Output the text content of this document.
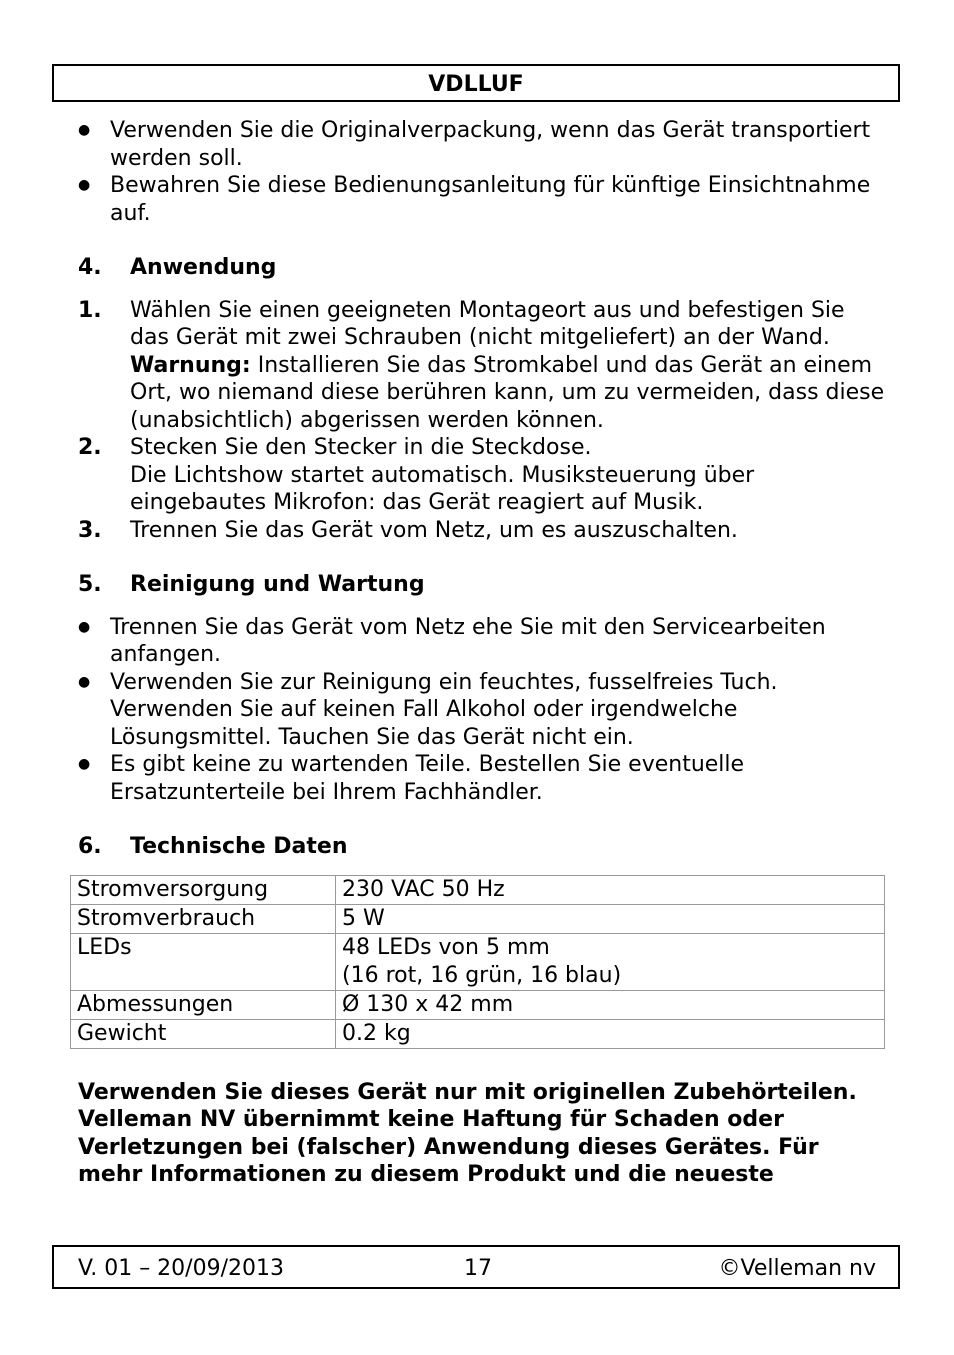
VDLLUF
● Verwenden Sie die Originalverpackung, wenn das Gerät transportiert werden soll.
● Bewahren Sie diese Bedienungsanleitung für künftige Einsichtnahme auf.
4.	Anwendung
1.	Wählen Sie einen geeigneten Montageort aus und befestigen Sie das Gerät mit zwei Schrauben (nicht mitgeliefert) an der Wand.
Warnung: Installieren Sie das Stromkabel und das Gerät an einem Ort, wo niemand diese berühren kann, um zu vermeiden, dass diese (unabsichtlich) abgerissen werden können.
2.	Stecken Sie den Stecker in die Steckdose.
Die Lichtshow startet automatisch. Musiksteuerung über eingebautes Mikrofon: das Gerät reagiert auf Musik.
3.	Trennen Sie das Gerät vom Netz, um es auszuschalten.
5.	Reinigung und Wartung
● Trennen Sie das Gerät vom Netz ehe Sie mit den Servicearbeiten anfangen.
● Verwenden Sie zur Reinigung ein feuchtes, fusselfreies Tuch. Verwenden Sie auf keinen Fall Alkohol oder irgendwelche Lösungsmittel. Tauchen Sie das Gerät nicht ein.
● Es gibt keine zu wartenden Teile. Bestellen Sie eventuelle Ersatzunterteile bei Ihrem Fachhändler.
6.	Technische Daten
Stromversorgung	230 VAC 50 Hz
Stromverbrauch	5 W
LEDs	48 LEDs von 5 mm
(16 rot, 16 grün, 16 blau)
Abmessungen	Ø 130 x 42 mm
Gewicht	0.2 kg

Verwenden Sie dieses Gerät nur mit originellen Zubehörteilen. Velleman NV übernimmt keine Haftung für Schaden oder Verletzungen bei (falscher) Anwendung dieses Gerätes. Für mehr Informationen zu diesem Produkt und die neueste

V. 01 – 20/09/2013	17	©Velleman nv
